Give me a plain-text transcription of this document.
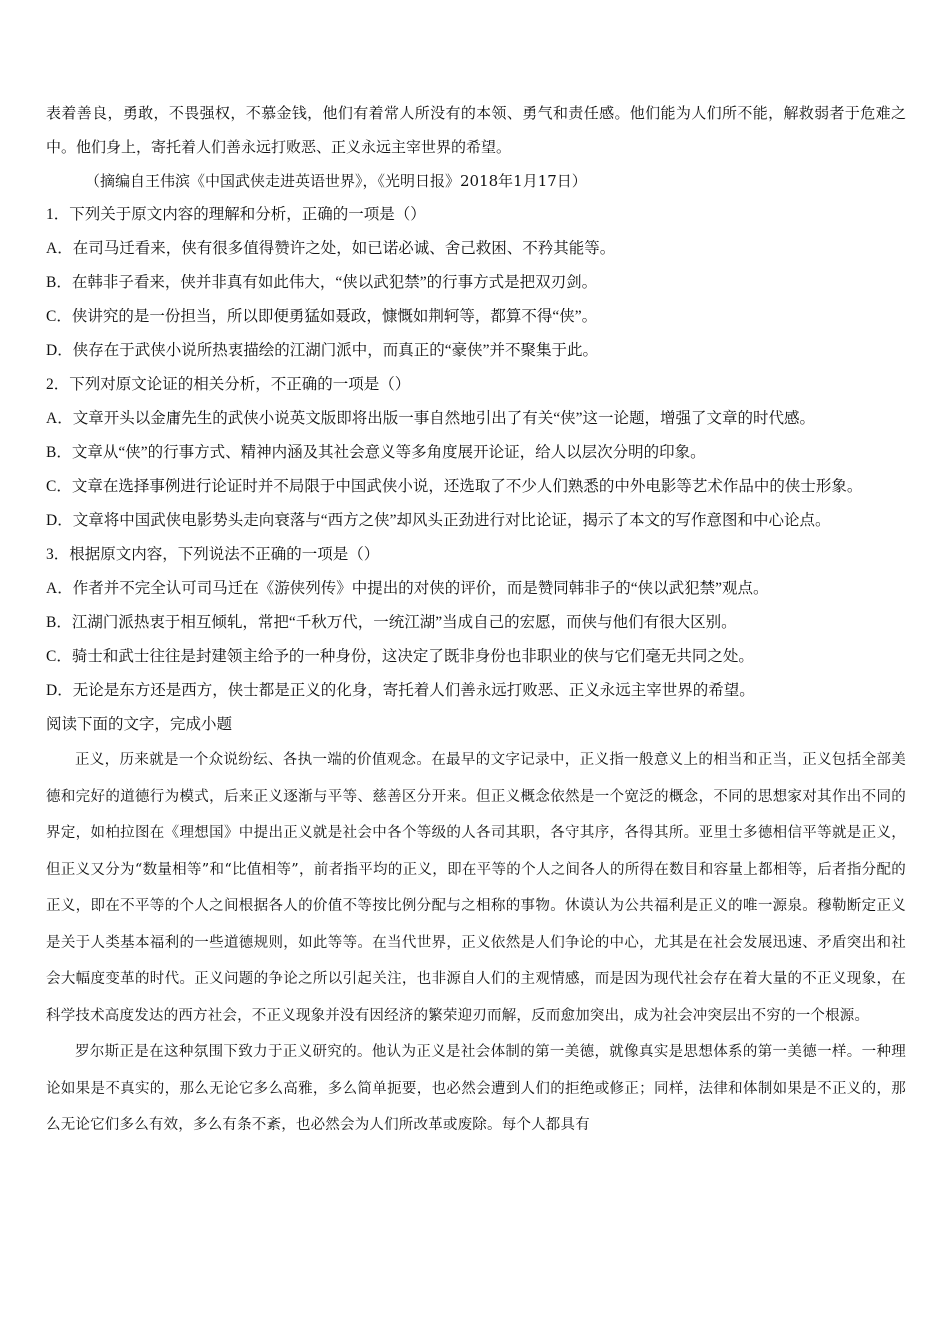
表着善良，勇敢，不畏强权，不慕金钱，他们有着常人所没有的本领、勇气和责任感。他们能为人们所不能，解救弱者于危难之中。他们身上，寄托着人们善永远打败恶、正义永远主宰世界的希望。

（摘编自王伟滨《中国武侠走进英语世界》，《光明日报》2018年1月17日）

1．下列关于原文内容的理解和分析，正确的一项是（）

A．在司马迁看来，侠有很多值得赞许之处，如已诺必诚、舍己救困、不矜其能等。

B．在韩非子看来，侠并非真有如此伟大，“侠以武犯禁”的行事方式是把双刃剑。

C．侠讲究的是一份担当，所以即便勇猛如聂政，慷慨如荆轲等，都算不得“侠”。

D．侠存在于武侠小说所热衷描绘的江湖门派中，而真正的“豪侠”并不聚集于此。

2．下列对原文论证的相关分析，不正确的一项是（）

A．文章开头以金庸先生的武侠小说英文版即将出版一事自然地引出了有关“侠”这一论题，增强了文章的时代感。

B．文章从“侠”的行事方式、精神内涵及其社会意义等多角度展开论证，给人以层次分明的印象。

C．文章在选择事例进行论证时并不局限于中国武侠小说，还选取了不少人们熟悉的中外电影等艺术作品中的侠士形象。

D．文章将中国武侠电影势头走向衰落与“西方之侠”却风头正劲进行对比论证，揭示了本文的写作意图和中心论点。

3．根据原文内容，下列说法不正确的一项是（）

A．作者并不完全认可司马迁在《游侠列传》中提出的对侠的评价，而是赞同韩非子的“侠以武犯禁”观点。

B．江湖门派热衷于相互倾轧，常把“千秋万代，一统江湖”当成自己的宏愿，而侠与他们有很大区别。

C．骑士和武士往往是封建领主给予的一种身份，这决定了既非身份也非职业的侠与它们毫无共同之处。

D．无论是东方还是西方，侠士都是正义的化身，寄托着人们善永远打败恶、正义永远主宰世界的希望。

阅读下面的文字，完成小题

正义，历来就是一个众说纷纭、各执一端的价值观念。在最早的文字记录中，正义指一般意义上的相当和正当，正义包括全部美德和完好的道德行为模式，后来正义逐渐与平等、慈善区分开来。但正义概念依然是一个宽泛的概念，不同的思想家对其作出不同的界定，如柏拉图在《理想国》中提出正义就是社会中各个等级的人各司其职，各守其序，各得其所。亚里士多德相信平等就是正义，但正义又分为“数量相等”和“比值相等”，前者指平均的正义，即在平等的个人之间各人的所得在数目和容量上都相等，后者指分配的正义，即在不平等的个人之间根据各人的价值不等按比例分配与之相称的事物。休谟认为公共福利是正义的唯一源泉。穆勒断定正义是关于人类基本福利的一些道德规则，如此等等。在当代世界，正义依然是人们争论的中心，尤其是在社会发展迅速、矛盾突出和社会大幅度变革的时代。正义问题的争论之所以引起关注，也非源自人们的主观情感，而是因为现代社会存在着大量的不正义现象，在科学技术高度发达的西方社会，不正义现象并没有因经济的繁荣迎刃而解，反而愈加突出，成为社会冲突层出不穷的一个根源。

罗尔斯正是在这种氛围下致力于正义研究的。他认为正义是社会体制的第一美德，就像真实是思想体系的第一美德一样。一种理论如果是不真实的，那么无论它多么高雅，多么简单扼要，也必然会遭到人们的拒绝或修正；同样，法律和体制如果是不正义的，那么无论它们多么有效，多么有条不紊，也必然会为人们所改革或废除。每个人都具有
